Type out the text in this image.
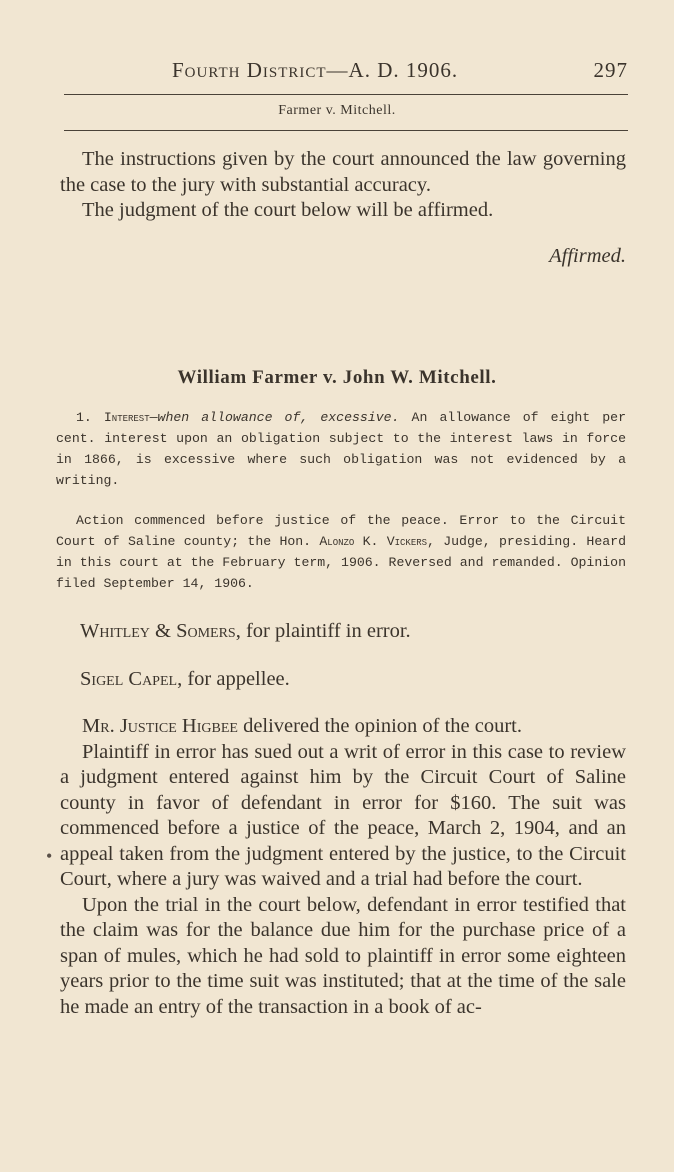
Fourth District—A. D. 1906.	297
Farmer v. Mitchell.

The instructions given by the court announced the law governing the case to the jury with substantial accuracy.

The judgment of the court below will be affirmed.

Affirmed.
William Farmer v. John W. Mitchell.

1. Interest—when allowance of, excessive. An allowance of eight per cent. interest upon an obligation subject to the interest laws in force in 1866, is excessive where such obligation was not evidenced by a writing.

Action commenced before justice of the peace. Error to the Circuit Court of Saline county; the Hon. Alonzo K. Vickers, Judge, presiding. Heard in this court at the February term, 1906. Reversed and remanded. Opinion filed September 14, 1906.

Whitley & Somers, for plaintiff in error.
Sigel Capel, for appellee.

Mr. Justice Higbee delivered the opinion of the court.

Plaintiff in error has sued out a writ of error in this case to review a judgment entered against him by the Circuit Court of Saline county in favor of defendant in error for $160. The suit was commenced before a justice of the peace, March 2, 1904, and an appeal taken from the judgment entered by the justice, to the Circuit Court, where a jury was waived and a trial had before the court.

Upon the trial in the court below, defendant in error testified that the claim was for the balance due him for the purchase price of a span of mules, which he had sold to plaintiff in error some eighteen years prior to the time suit was instituted; that at the time of the sale he made an entry of the transaction in a book of ac-

•
